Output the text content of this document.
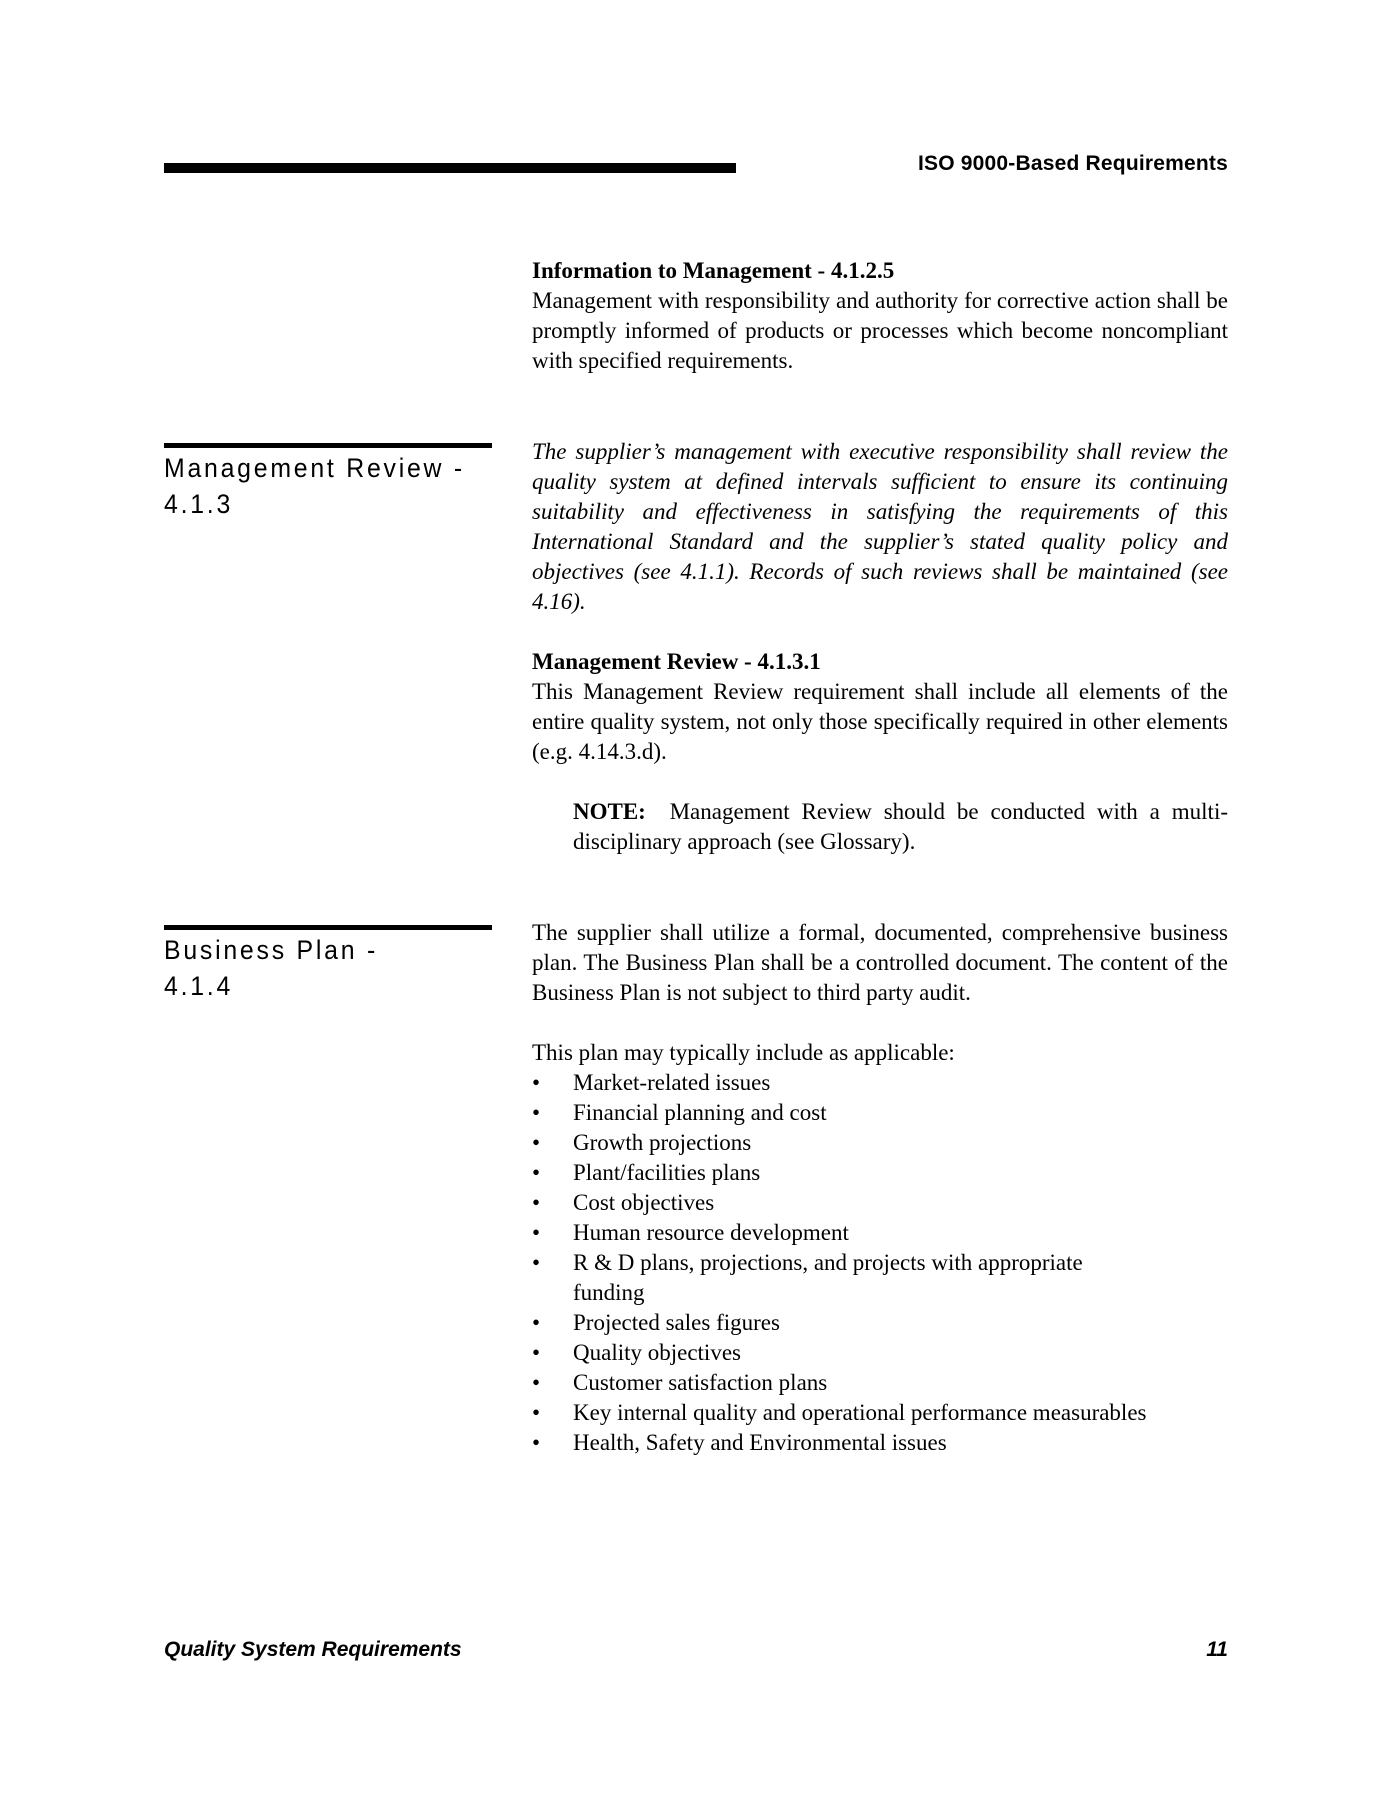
ISO 9000-Based Requirements

Information to Management - 4.1.2.5

Management with responsibility and authority for corrective action shall be promptly informed of products or processes which become noncompliant with specified requirements.

Management Review -
4.1.3

The supplier’s management with executive responsibility shall review the quality system at defined intervals sufficient to ensure its continuing suitability and effectiveness in satisfying the requirements of this International Standard and the supplier’s stated quality policy and objectives (see 4.1.1). Records of such reviews shall be maintained (see 4.16).

Management Review - 4.1.3.1

This Management Review requirement shall include all elements of the entire quality system, not only those specifically required in other elements (e.g. 4.14.3.d).

NOTE: Management Review should be conducted with a multi-disciplinary approach (see Glossary).

Business Plan -
4.1.4

The supplier shall utilize a formal, documented, comprehensive business plan. The Business Plan shall be a controlled document. The content of the Business Plan is not subject to third party audit.

This plan may typically include as applicable:

• Market-related issues
• Financial planning and cost
• Growth projections
• Plant/facilities plans
• Cost objectives
• Human resource development
• R & D plans, projections, and projects with appropriate funding
• Projected sales figures
• Quality objectives
• Customer satisfaction plans
• Key internal quality and operational performance measurables
• Health, Safety and Environmental issues
Quality System Requirements	11
